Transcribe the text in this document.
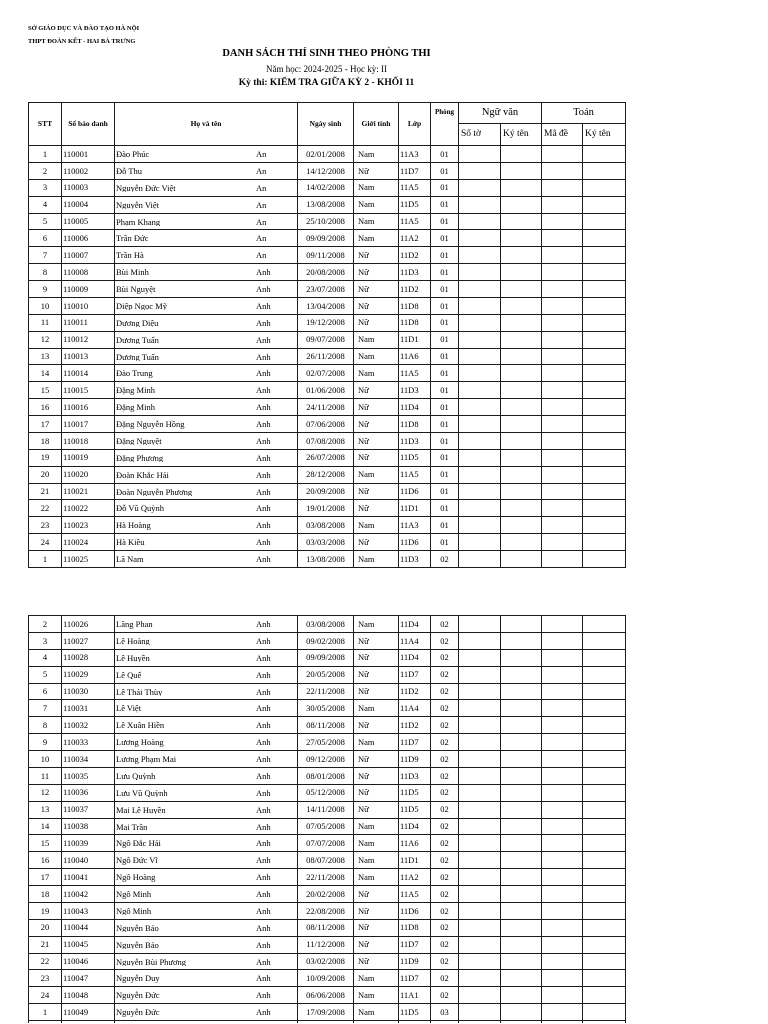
SỞ GIÁO DỤC VÀ ĐÀO TẠO HÀ NỘI
THPT ĐOÀN KẾT - HAI BÀ TRƯNG
DANH SÁCH THÍ SINH THEO PHÒNG THI
Năm học: 2024-2025 - Học kỳ: II
Kỳ thi: KIỂM TRA GIỮA KỲ 2 - KHỐI 11
STT	Số báo danh	Họ và tên	Ngày sinh	Giới tính	Lớp	Phòng	Ngữ văn		Toán	
							Số tờ	Ký tên	Mã đề	Ký tên
1	110001	Đào Phúc An	02/01/2008	Nam	11A3	01				
2	110002	Đỗ Thu An	14/12/2008	Nữ	11D7	01				
3	110003	Nguyễn Đức Việt An	14/02/2008	Nam	11A5	01				
4	110004	Nguyễn Việt An	13/08/2008	Nam	11D5	01				
5	110005	Phạm Khang An	25/10/2008	Nam	11A5	01				
6	110006	Trần Đức An	09/09/2008	Nam	11A2	01				
7	110007	Trần Hà An	09/11/2008	Nữ	11D2	01				
8	110008	Bùi Minh Anh	20/08/2008	Nữ	11D3	01				
9	110009	Bùi Nguyệt Anh	23/07/2008	Nữ	11D2	01				
10	110010	Diệp Ngọc Mỹ Anh	13/04/2008	Nữ	11D8	01				
11	110011	Dương Diệu Anh	19/12/2008	Nữ	11D8	01				
12	110012	Dương Tuấn Anh	09/07/2008	Nam	11D1	01				
13	110013	Dương Tuấn Anh	26/11/2008	Nam	11A6	01				
14	110014	Đào Trung Anh	02/07/2008	Nam	11A5	01				
15	110015	Đặng Minh Anh	01/06/2008	Nữ	11D3	01				
16	110016	Đặng Minh Anh	24/11/2008	Nữ	11D4	01				
17	110017	Đặng Nguyễn Hồng Anh	07/06/2008	Nữ	11D8	01				
18	110018	Đặng Nguyệt Anh	07/08/2008	Nữ	11D3	01				
19	110019	Đặng Phương Anh	26/07/2008	Nữ	11D5	01				
20	110020	Đoàn Khắc Hải Anh	28/12/2008	Nam	11A5	01				
21	110021	Đoàn Nguyễn Phương Anh	20/09/2008	Nữ	11D6	01				
22	110022	Đỗ Vũ Quỳnh Anh	19/01/2008	Nữ	11D1	01				
23	110023	Hà Hoàng Anh	03/08/2008	Nam	11A3	01				
24	110024	Hà Kiều Anh	03/03/2008	Nữ	11D6	01				
1	110025	Lã Nam Anh	13/08/2008	Nam	11D3	02				
2	110026	Lăng Phan Anh	03/08/2008	Nam	11D4	02				
3	110027	Lê Hoàng Anh	09/02/2008	Nữ	11A4	02				
4	110028	Lê Huyền Anh	09/09/2008	Nữ	11D4	02				
5	110029	Lê Quế Anh	20/05/2008	Nữ	11D7	02				
6	110030	Lê Thái Thùy Anh	22/11/2008	Nữ	11D2	02				
7	110031	Lê Việt Anh	30/05/2008	Nam	11A4	02				
8	110032	Lê Xuân Hiền Anh	08/11/2008	Nữ	11D2	02				
9	110033	Lương Hoàng Anh	27/05/2008	Nam	11D7	02				
10	110034	Lương Phạm Mai Anh	09/12/2008	Nữ	11D9	02				
11	110035	Lưu Quỳnh Anh	08/01/2008	Nữ	11D3	02				
12	110036	Lưu Vũ Quỳnh Anh	05/12/2008	Nữ	11D5	02				
13	110037	Mai Lê Huyền Anh	14/11/2008	Nữ	11D5	02				
14	110038	Mai Trần Anh	07/05/2008	Nam	11D4	02				
15	110039	Ngô Đắc Hải Anh	07/07/2008	Nam	11A6	02				
16	110040	Ngô Đức Vĩ Anh	08/07/2008	Nam	11D1	02				
17	110041	Ngô Hoàng Anh	22/11/2008	Nam	11A2	02				
18	110042	Ngô Minh Anh	20/02/2008	Nữ	11A5	02				
19	110043	Ngô Minh Anh	22/08/2008	Nữ	11D6	02				
20	110044	Nguyễn Bảo Anh	08/11/2008	Nữ	11D8	02				
21	110045	Nguyễn Bảo Anh	11/12/2008	Nữ	11D7	02				
22	110046	Nguyễn Bùi Phương Anh	03/02/2008	Nữ	11D9	02				
23	110047	Nguyễn Duy Anh	10/09/2008	Nam	11D7	02				
24	110048	Nguyễn Đức Anh	06/06/2008	Nam	11A1	02				
1	110049	Nguyễn Đức Anh	17/09/2008	Nam	11D5	03				
